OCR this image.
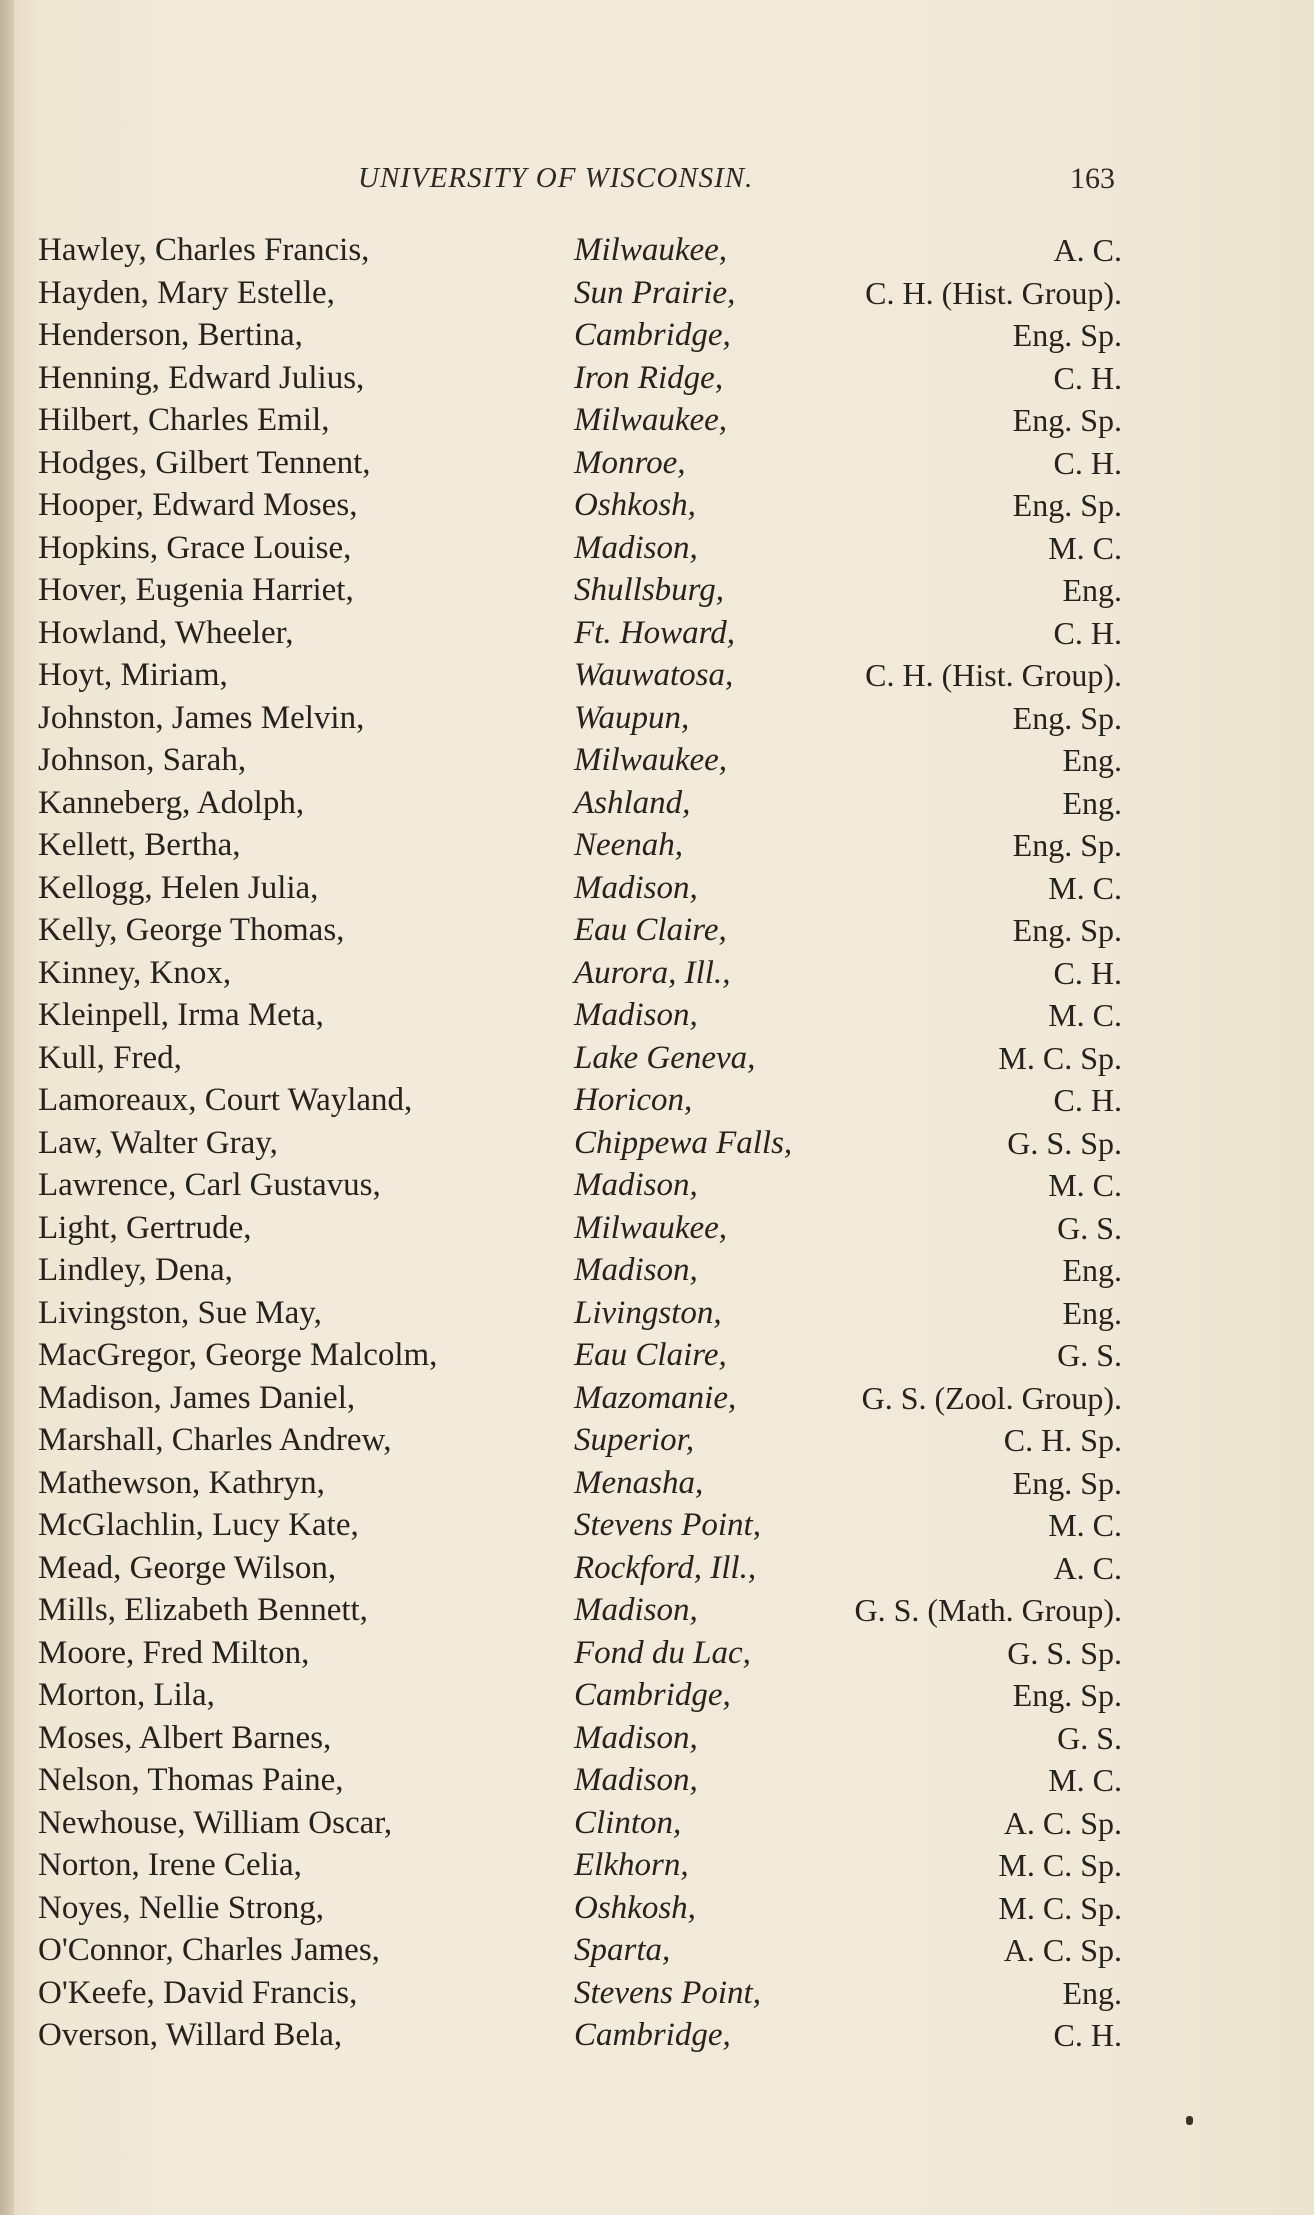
UNIVERSITY OF WISCONSIN.	163
Hawley, Charles Francis,	Milwaukee,	A. C.
Hayden, Mary Estelle,	Sun Prairie,	C. H. (Hist. Group).
Henderson, Bertina,	Cambridge,	Eng. Sp.
Henning, Edward Julius,	Iron Ridge,	C. H.
Hilbert, Charles Emil,	Milwaukee,	Eng. Sp.
Hodges, Gilbert Tennent,	Monroe,	C. H.
Hooper, Edward Moses,	Oshkosh,	Eng. Sp.
Hopkins, Grace Louise,	Madison,	M. C.
Hover, Eugenia Harriet,	Shullsburg,	Eng.
Howland, Wheeler,	Ft. Howard,	C. H.
Hoyt, Miriam,	Wauwatosa,	C. H. (Hist. Group).
Johnston, James Melvin,	Waupun,	Eng. Sp.
Johnson, Sarah,	Milwaukee,	Eng.
Kanneberg, Adolph,	Ashland,	Eng.
Kellett, Bertha,	Neenah,	Eng. Sp.
Kellogg, Helen Julia,	Madison,	M. C.
Kelly, George Thomas,	Eau Claire,	Eng. Sp.
Kinney, Knox,	Aurora, Ill.,	C. H.
Kleinpell, Irma Meta,	Madison,	M. C.
Kull, Fred,	Lake Geneva,	M. C. Sp.
Lamoreaux, Court Wayland,	Horicon,	C. H.
Law, Walter Gray,	Chippewa Falls,	G. S. Sp.
Lawrence, Carl Gustavus,	Madison,	M. C.
Light, Gertrude,	Milwaukee,	G. S.
Lindley, Dena,	Madison,	Eng.
Livingston, Sue May,	Livingston,	Eng.
MacGregor, George Malcolm,	Eau Claire,	G. S.
Madison, James Daniel,	Mazomanie,	G. S. (Zool. Group).
Marshall, Charles Andrew,	Superior,	C. H. Sp.
Mathewson, Kathryn,	Menasha,	Eng. Sp.
McGlachlin, Lucy Kate,	Stevens Point,	M. C.
Mead, George Wilson,	Rockford, Ill.,	A. C.
Mills, Elizabeth Bennett,	Madison,	G. S. (Math. Group).
Moore, Fred Milton,	Fond du Lac,	G. S. Sp.
Morton, Lila,	Cambridge,	Eng. Sp.
Moses, Albert Barnes,	Madison,	G. S.
Nelson, Thomas Paine,	Madison,	M. C.
Newhouse, William Oscar,	Clinton,	A. C. Sp.
Norton, Irene Celia,	Elkhorn,	M. C. Sp.
Noyes, Nellie Strong,	Oshkosh,	M. C. Sp.
O'Connor, Charles James,	Sparta,	A. C. Sp.
O'Keefe, David Francis,	Stevens Point,	Eng.
Overson, Willard Bela,	Cambridge,	C. H.
